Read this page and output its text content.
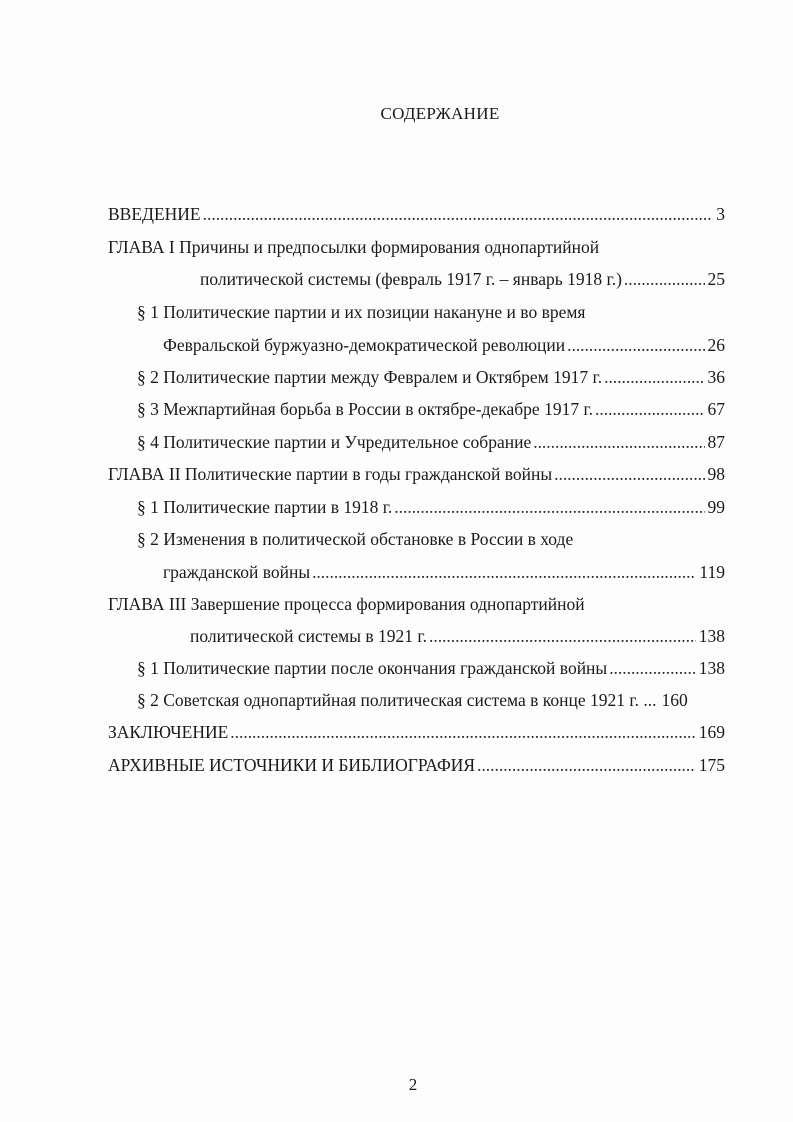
СОДЕРЖАНИЕ
ВВЕДЕНИЕ . . .	3
ГЛАВА I Причины и предпосылки формирования однопартийной
политической системы (февраль 1917 г. – январь 1918 г.) . . .	25
§ 1 Политические партии и их позиции накануне и во время
Февральской буржуазно-демократической революции . . .	26
§ 2 Политические партии между Февралем и Октябрем 1917 г. . . .	36
§ 3 Межпартийная борьба в России в октябре-декабре 1917 г. . . .	67
§ 4 Политические партии и Учредительное собрание . . .	87
ГЛАВА II Политические партии в годы гражданской войны . . .	98
§ 1 Политические партии в 1918 г. . . .	99
§ 2 Изменения в политической обстановке в России в ходе
гражданской войны . . .	119
ГЛАВА III Завершение процесса формирования однопартийной
политической системы в 1921 г. . . .	138
§ 1 Политические партии после окончания гражданской войны . . .	138
§ 2 Советская однопартийная политическая система в конце 1921 г. ... 160
ЗАКЛЮЧЕНИЕ . . .	169
АРХИВНЫЕ ИСТОЧНИКИ И БИБЛИОГРАФИЯ . . .	175
2
